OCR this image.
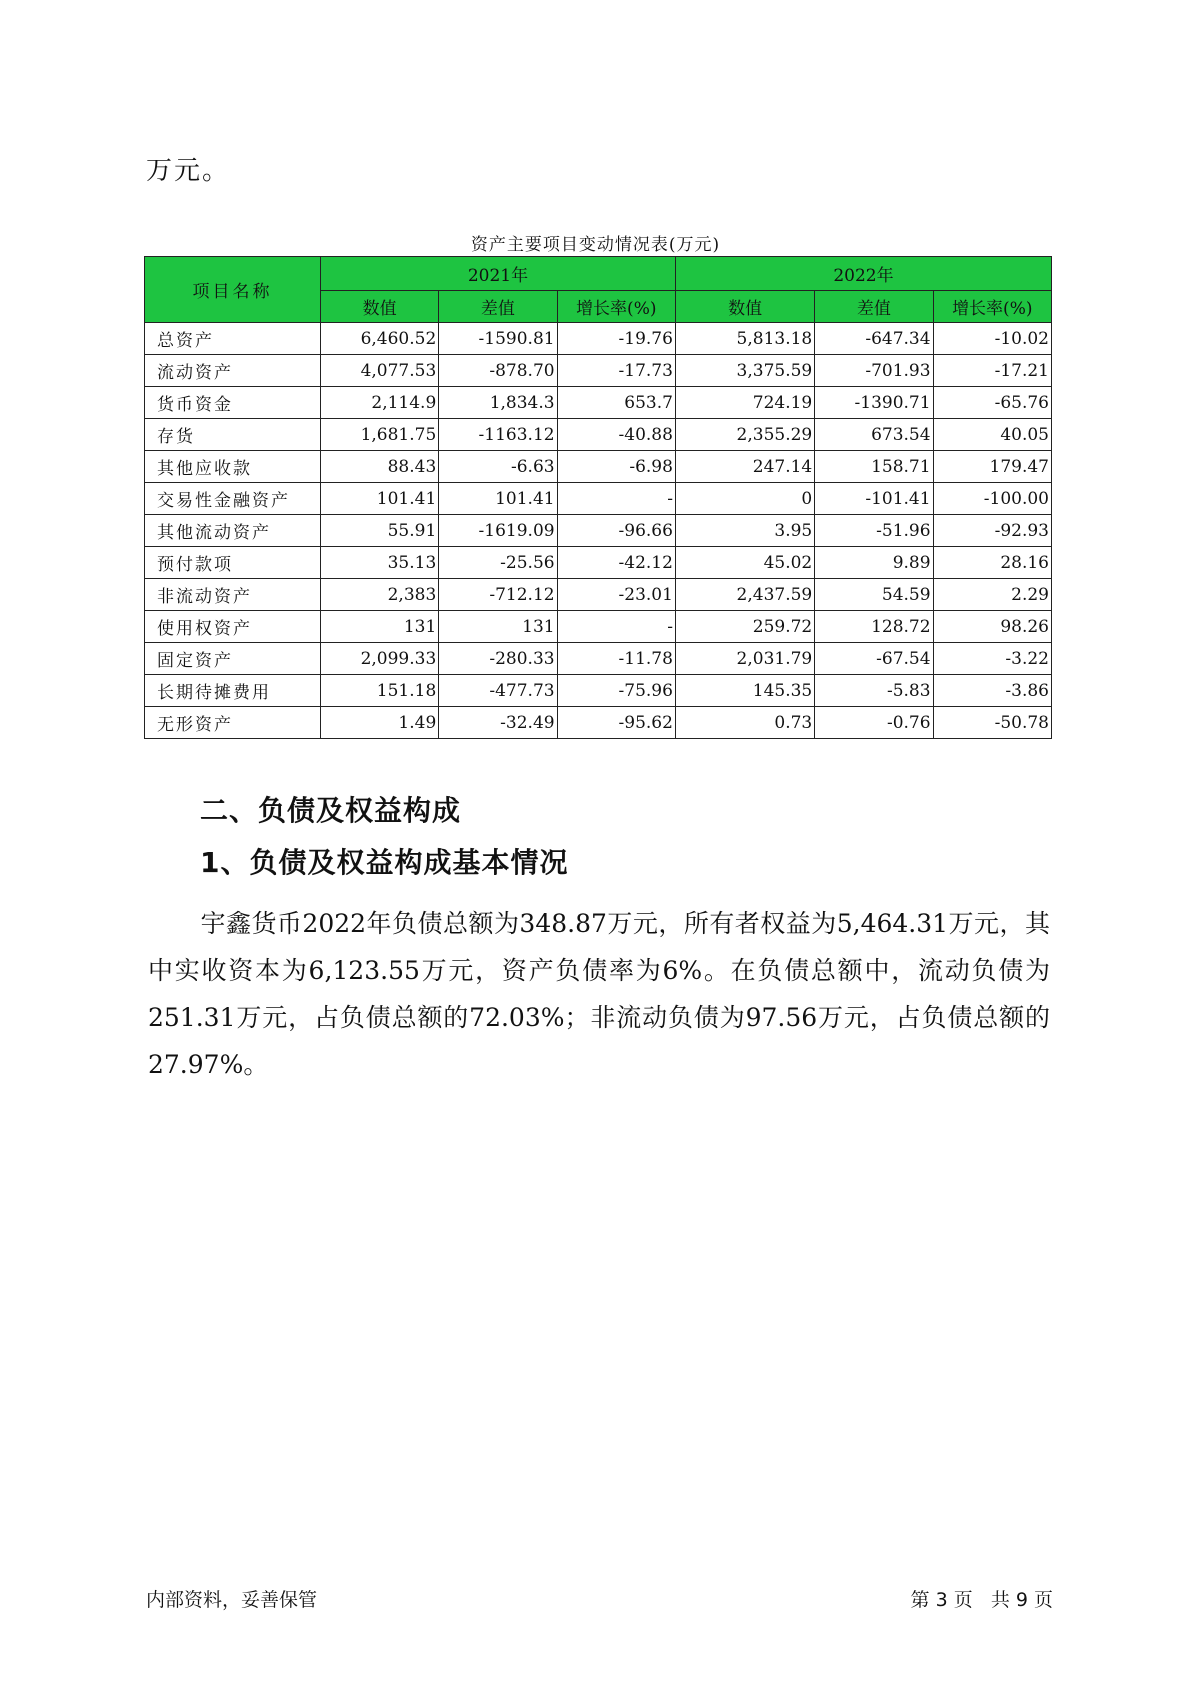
万元。
资产主要项目变动情况表(万元)
项目名称	2021年			2022年		
	数值	差值	增长率(%)	数值	差值	增长率(%)
总资产	6,460.52	-1590.81	-19.76	5,813.18	-647.34	-10.02
流动资产	4,077.53	-878.70	-17.73	3,375.59	-701.93	-17.21
货币资金	2,114.9	1,834.3	653.7	724.19	-1390.71	-65.76
存货	1,681.75	-1163.12	-40.88	2,355.29	673.54	40.05
其他应收款	88.43	-6.63	-6.98	247.14	158.71	179.47
交易性金融资产	101.41	101.41	-	0	-101.41	-100.00
其他流动资产	55.91	-1619.09	-96.66	3.95	-51.96	-92.93
预付款项	35.13	-25.56	-42.12	45.02	9.89	28.16
非流动资产	2,383	-712.12	-23.01	2,437.59	54.59	2.29
使用权资产	131	131	-	259.72	128.72	98.26
固定资产	2,099.33	-280.33	-11.78	2,031.79	-67.54	-3.22
长期待摊费用	151.18	-477.73	-75.96	145.35	-5.83	-3.86
无形资产	1.49	-32.49	-95.62	0.73	-0.76	-50.78
二、负债及权益构成
1、负债及权益构成基本情况
宇鑫货币2022年负债总额为348.87万元，所有者权益为5,464.31万元，其中实收资本为6,123.55万元，资产负债率为6%。在负债总额中，流动负债为251.31万元，占负债总额的72.03%；非流动负债为97.56万元，占负债总额的27.97%。
内部资料，妥善保管	第 3 页   共 9 页
